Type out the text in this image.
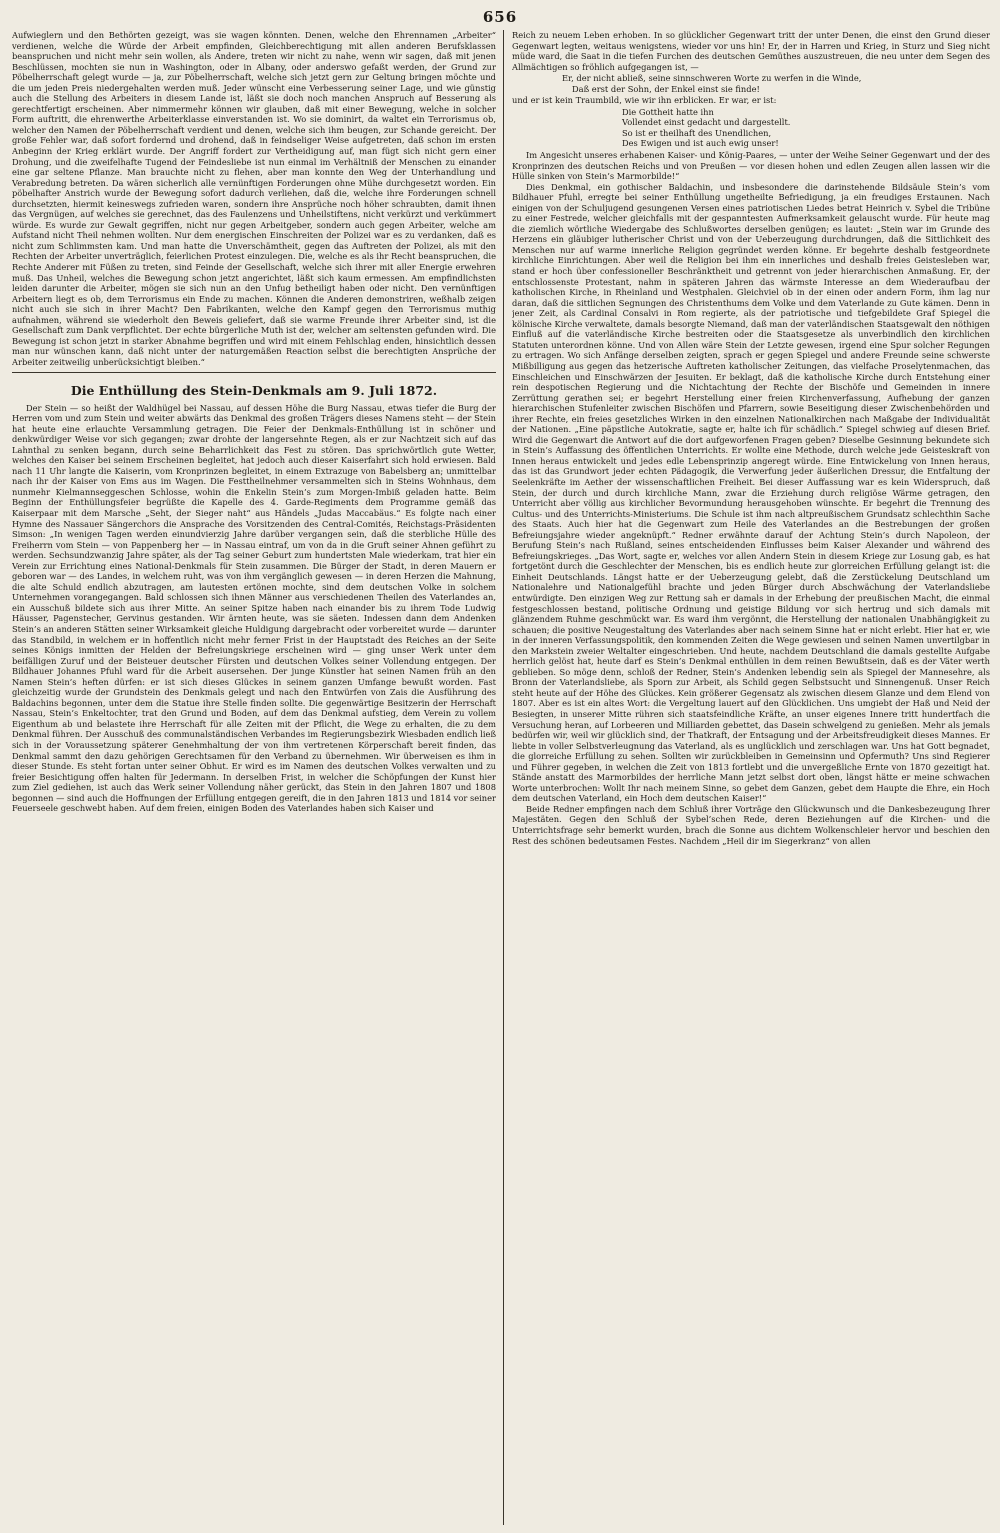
656

Aufwieglern und den Bethörten gezeigt, was sie wagen könnten. Denen, welche den Ehrennamen „Arbeiter“ verdienen, welche die Würde der Arbeit empfinden, Gleichberechtigung mit allen anderen Berufsklassen beanspruchen und nicht mehr sein wollen, als Andere, treten wir nicht zu nahe, wenn wir sagen, daß mit jenen Beschlüssen, mochten sie nun in Washington, oder in Albany, oder anderswo gefaßt werden, der Grund zur Pöbelherrschaft gelegt wurde — ja, zur Pöbelherrschaft, welche sich jetzt gern zur Geltung bringen möchte und die um jeden Preis niedergehalten werden muß. Jeder wünscht eine Verbesserung seiner Lage, und wie günstig auch die Stellung des Arbeiters in diesem Lande ist, läßt sie doch noch manchen Anspruch auf Besserung als gerechtfertigt erscheinen. Aber nimmermehr können wir glauben, daß mit einer Bewegung, welche in solcher Form auftritt, die ehrenwerthe Arbeiterklasse einverstanden ist. Wo sie dominirt, da waltet ein Terrorismus ob, welcher den Namen der Pöbelherrschaft verdient und denen, welche sich ihm beugen, zur Schande gereicht. Der große Fehler war, daß sofort fordernd und drohend, daß in feindseliger Weise aufgetreten, daß schon im ersten Anbeginn der Krieg erklärt wurde. Der Angriff fordert zur Vertheidigung auf, man fügt sich nicht gern einer Drohung, und die zweifelhafte Tugend der Feindesliebe ist nun einmal im Verhältniß der Menschen zu einander eine gar seltene Pflanze. Man brauchte nicht zu flehen, aber man konnte den Weg der Unterhandlung und Verabredung betreten. Da wären sicherlich alle vernünftigen Forderungen ohne Mühe durchgesetzt worden. Ein pöbelhafter Anstrich wurde der Bewegung sofort dadurch verliehen, daß die, welche ihre Forderungen schnell durchsetzten, hiermit keineswegs zufrieden waren, sondern ihre Ansprüche noch höher schraubten, damit ihnen das Vergnügen, auf welches sie gerechnet, das des Faulenzens und Unheilstiftens, nicht verkürzt und verkümmert würde. Es wurde zur Gewalt gegriffen, nicht nur gegen Arbeitgeber, sondern auch gegen Arbeiter, welche am Aufstand nicht Theil nehmen wollten. Nur dem energischen Einschreiten der Polizei war es zu verdanken, daß es nicht zum Schlimmsten kam. Und man hatte die Unverschämtheit, gegen das Auftreten der Polizei, als mit den Rechten der Arbeiter unverträglich, feierlichen Protest einzulegen. Die, welche es als ihr Recht beanspruchen, die Rechte Anderer mit Füßen zu treten, sind Feinde der Gesellschaft, welche sich ihrer mit aller Energie erwehren muß. Das Unheil, welches die Bewegung schon jetzt angerichtet, läßt sich kaum ermessen. Am empfindlichsten leiden darunter die Arbeiter, mögen sie sich nun an den Unfug betheiligt haben oder nicht. Den vernünftigen Arbeitern liegt es ob, dem Terrorismus ein Ende zu machen. Können die Anderen demonstriren, weßhalb zeigen nicht auch sie sich in ihrer Macht? Den Fabrikanten, welche den Kampf gegen den Terrorismus muthig aufnahmen, während sie wiederholt den Beweis geliefert, daß sie warme Freunde ihrer Arbeiter sind, ist die Gesellschaft zum Dank verpflichtet. Der echte bürgerliche Muth ist der, welcher am seltensten gefunden wird. Die Bewegung ist schon jetzt in starker Abnahme begriffen und wird mit einem Fehlschlag enden, hinsichtlich dessen man nur wünschen kann, daß nicht unter der naturgemäßen Reaction selbst die berechtigten Ansprüche der Arbeiter zeitweilig unberücksichtigt bleiben.“

Die Enthüllung des Stein-Denkmals am 9. Juli 1872.

Der Stein — so heißt der Waldhügel bei Nassau, auf dessen Höhe die Burg Nassau, etwas tiefer die Burg der Herren vom und zum Stein und weiter abwärts das Denkmal des großen Trägers dieses Namens steht — der Stein hat heute eine erlauchte Versammlung getragen. Die Feier der Denkmals-Enthüllung ist in schöner und denkwürdiger Weise vor sich gegangen; zwar drohte der langersehnte Regen, als er zur Nachtzeit sich auf das Lahnthal zu senken begann, durch seine Beharrlichkeit das Fest zu stören. Das sprichwörtlich gute Wetter, welches den Kaiser bei seinem Erscheinen begleitet, hat jedoch auch dieser Kaiserfahrt sich hold erwiesen. Bald nach 11 Uhr langte die Kaiserin, vom Kronprinzen begleitet, in einem Extrazuge von Babelsberg an; unmittelbar nach ihr der Kaiser von Ems aus im Wagen. Die Festtheilnehmer versammelten sich in Steins Wohnhaus, dem nunmehr Kielmannseggeschen Schlosse, wohin die Enkelin Stein’s zum Morgen-Imbiß geladen hatte. Beim Beginn der Enthüllungsfeier begrüßte die Kapelle des 4. Garde-Regiments dem Programme gemäß das Kaiserpaar mit dem Marsche „Seht, der Sieger naht“ aus Händels „Judas Maccabäus.“ Es folgte nach einer Hymne des Nassauer Sängerchors die Ansprache des Vorsitzenden des Central-Comités, Reichstags-Präsidenten Simson: „In wenigen Tagen werden einundvierzig Jahre darüber vergangen sein, daß die sterbliche Hülle des Freiherrn vom Stein — von Pappenberg her — in Nassau eintraf, um von da in die Gruft seiner Ahnen geführt zu werden. Sechsundzwanzig Jahre später, als der Tag seiner Geburt zum hundertsten Male wiederkam, trat hier ein Verein zur Errichtung eines National-Denkmals für Stein zusammen. Die Bürger der Stadt, in deren Mauern er geboren war — des Landes, in welchem ruht, was von ihm vergänglich gewesen — in deren Herzen die Mahnung, die alte Schuld endlich abzutragen, am lautesten ertönen mochte, sind dem deutschen Volke in solchem Unternehmen vorangegangen. Bald schlossen sich ihnen Männer aus verschiedenen Theilen des Vaterlandes an, ein Ausschuß bildete sich aus ihrer Mitte. An seiner Spitze haben nach einander bis zu ihrem Tode Ludwig Häusser, Pagenstecher, Gervinus gestanden. Wir ärnten heute, was sie säeten. Indessen dann dem Andenken Stein’s an anderen Stätten seiner Wirksamkeit gleiche Huldigung dargebracht oder vorbereitet wurde — darunter das Standbild, in welchem er in hoffentlich nicht mehr ferner Frist in der Hauptstadt des Reiches an der Seite seines Königs inmitten der Helden der Befreiungskriege erscheinen wird — ging unser Werk unter dem beifälligen Zuruf und der Beisteuer deutscher Fürsten und deutschen Volkes seiner Vollendung entgegen. Der Bildhauer Johannes Pfuhl ward für die Arbeit ausersehen. Der junge Künstler hat seinen Namen früh an den Namen Stein’s heften dürfen: er ist sich dieses Glückes in seinem ganzen Umfange bewußt worden. Fast gleichzeitig wurde der Grundstein des Denkmals gelegt und nach den Entwürfen von Zais die Ausführung des Baldachins begonnen, unter dem die Statue ihre Stelle finden sollte. Die gegenwärtige Besitzerin der Herrschaft Nassau, Stein’s Enkeltochter, trat den Grund und Boden, auf dem das Denkmal aufstieg, dem Verein zu vollem Eigenthum ab und belastete ihre Herrschaft für alle Zeiten mit der Pflicht, die Wege zu erhalten, die zu dem Denkmal führen. Der Ausschuß des communalständischen Verbandes im Regierungsbezirk Wiesbaden endlich ließ sich in der Voraussetzung späterer Genehmhaltung der von ihm vertretenen Körperschaft bereit finden, das Denkmal sammt den dazu gehörigen Gerechtsamen für den Verband zu übernehmen. Wir überweisen es ihm in dieser Stunde. Es steht fortan unter seiner Obhut. Er wird es im Namen des deutschen Volkes verwalten und zu freier Besichtigung offen halten für Jedermann. In derselben Frist, in welcher die Schöpfungen der Kunst hier zum Ziel gediehen, ist auch das Werk seiner Vollendung näher gerückt, das Stein in den Jahren 1807 und 1808 begonnen — sind auch die Hoffnungen der Erfüllung entgegen gereift, die in den Jahren 1813 und 1814 vor seiner Feuerseele geschwebt haben. Auf dem freien, einigen Boden des Vaterlandes haben sich Kaiser und

Reich zu neuem Leben erhoben. In so glücklicher Gegenwart tritt der unter Denen, die einst den Grund dieser Gegenwart legten, weitaus wenigstens, wieder vor uns hin! Er, der in Harren und Krieg, in Sturz und Sieg nicht müde ward, die Saat in die tiefen Furchen des deutschen Gemüthes auszustreuen, die neu unter dem Segen des Allmächtigen so fröhlich aufgegangen ist, —

Er, der nicht abließ, seine sinnschweren Worte zu werfen in die Winde,
Daß erst der Sohn, der Enkel einst sie finde!

und er ist kein Traumbild, wie wir ihn erblicken. Er war, er ist:

Die Gottheit hatte ihn
Vollendet einst gedacht und dargestellt.
So ist er theilhaft des Unendlichen,
Des Ewigen und ist auch ewig unser!

Im Angesicht unseres erhabenen Kaiser- und König-Paares, — unter der Weihe Seiner Gegenwart und der des Kronprinzen des deutschen Reichs und von Preußen — vor diesen hohen und edlen Zeugen allen lassen wir die Hülle sinken von Stein’s Marmorbilde!“

Dies Denkmal, ein gothischer Baldachin, und insbesondere die darinstehende Bildsäule Stein’s vom Bildhauer Pfuhl, erregte bei seiner Enthüllung ungetheilte Befriedigung, ja ein freudiges Erstaunen. Nach einigen von der Schuljugend gesungenen Versen eines patriotischen Liedes betrat Heinrich v. Sybel die Tribüne zu einer Festrede, welcher gleichfalls mit der gespanntesten Aufmerksamkeit gelauscht wurde. Für heute mag die ziemlich wörtliche Wiedergabe des Schlußwortes derselben genügen; es lautet: „Stein war im Grunde des Herzens ein gläubiger lutherischer Christ und von der Ueberzeugung durchdrungen, daß die Sittlichkeit des Menschen nur auf warme innerliche Religion gegründet werden könne. Er begehrte deshalb festgeordnete kirchliche Einrichtungen. Aber weil die Religion bei ihm ein innerliches und deshalb freies Geistesleben war, stand er hoch über confessioneller Beschränktheit und getrennt von jeder hierarchischen Anmaßung. Er, der entschlossenste Protestant, nahm in späteren Jahren das wärmste Interesse an dem Wiederaufbau der katholischen Kirche, in Rheinland und Westphalen. Gleichviel ob in der einen oder andern Form, ihm lag nur daran, daß die sittlichen Segnungen des Christenthums dem Volke und dem Vaterlande zu Gute kämen. Denn in jener Zeit, als Cardinal Consalvi in Rom regierte, als der patriotische und tiefgebildete Graf Spiegel die kölnische Kirche verwaltete, damals besorgte Niemand, daß man der vaterländischen Staatsgewalt den nöthigen Einfluß auf die vaterländische Kirche bestreiten oder die Staatsgesetze als unverbindlich den kirchlichen Statuten unterordnen könne. Und von Allen wäre Stein der Letzte gewesen, irgend eine Spur solcher Regungen zu ertragen. Wo sich Anfänge derselben zeigten, sprach er gegen Spiegel und andere Freunde seine schwerste Mißbilligung aus gegen das hetzerische Auftreten katholischer Zeitungen, das vielfache Proselytenmachen, das Einschleichen und Einschwärzen der Jesuiten. Er beklagt, daß die katholische Kirche durch Entstehung einer rein despotischen Regierung und die Nichtachtung der Rechte der Bischöfe und Gemeinden in innere Zerrüttung gerathen sei; er begehrt Herstellung einer freien Kirchenverfassung, Aufhebung der ganzen hierarchischen Stufenleiter zwischen Bischöfen und Pfarrern, sowie Beseitigung dieser Zwischenbehörden und ihrer Rechte, ein freies gesetzliches Wirken in den einzelnen Nationalkirchen nach Maßgabe der Individualität der Nationen. „Eine päpstliche Autokratie, sagte er, halte ich für schädlich.“ Spiegel schwieg auf diesen Brief. Wird die Gegenwart die Antwort auf die dort aufgeworfenen Fragen geben? Dieselbe Gesinnung bekundete sich in Stein’s Auffassung des öffentlichen Unterrichts. Er wollte eine Methode, durch welche jede Geisteskraft von Innen heraus entwickelt und jedes edle Lebensprinzip angeregt würde. Eine Entwickelung von Innen heraus, das ist das Grundwort jeder echten Pädagogik, die Verwerfung jeder äußerlichen Dressur, die Entfaltung der Seelenkräfte im Aether der wissenschaftlichen Freiheit. Bei dieser Auffassung war es kein Widerspruch, daß Stein, der durch und durch kirchliche Mann, zwar die Erziehung durch religiöse Wärme getragen, den Unterricht aber völlig aus kirchlicher Bevormundung herausgehoben wünschte. Er begehrt die Trennung des Cultus- und des Unterrichts-Ministeriums. Die Schule ist ihm nach altpreußischem Grundsatz schlechthin Sache des Staats. Auch hier hat die Gegenwart zum Heile des Vaterlandes an die Bestrebungen der großen Befreiungsjahre wieder angeknüpft.“ Redner erwähnte darauf der Achtung Stein’s durch Napoleon, der Berufung Stein’s nach Rußland, seines entscheidenden Einflusses beim Kaiser Alexander und während des Befreiungskrieges. „Das Wort, sagte er, welches vor allen Andern Stein in diesem Kriege zur Losung gab, es hat fortgetönt durch die Geschlechter der Menschen, bis es endlich heute zur glorreichen Erfüllung gelangt ist: die Einheit Deutschlands. Längst hatte er der Ueberzeugung gelebt, daß die Zerstückelung Deutschland um Nationalehre und Nationalgefühl brachte und jeden Bürger durch Abschwächung der Vaterlandsliebe entwürdigte. Den einzigen Weg zur Rettung sah er damals in der Erhebung der preußischen Macht, die einmal festgeschlossen bestand, politische Ordnung und geistige Bildung vor sich hertrug und sich damals mit glänzendem Ruhme geschmückt war. Es ward ihm vergönnt, die Herstellung der nationalen Unabhängigkeit zu schauen; die positive Neugestaltung des Vaterlandes aber nach seinem Sinne hat er nicht erlebt. Hier hat er, wie in der inneren Verfassungspolitik, den kommenden Zeiten die Wege gewiesen und seinen Namen unvertilgbar in den Markstein zweier Weltalter eingeschrieben. Und heute, nachdem Deutschland die damals gestellte Aufgabe herrlich gelöst hat, heute darf es Stein’s Denkmal enthüllen in dem reinen Bewußtsein, daß es der Väter werth geblieben. So möge denn, schloß der Redner, Stein’s Andenken lebendig sein als Spiegel der Mannesehre, als Bronn der Vaterlandsliebe, als Sporn zur Arbeit, als Schild gegen Selbstsucht und Sinnengenuß. Unser Reich steht heute auf der Höhe des Glückes. Kein größerer Gegensatz als zwischen diesem Glanze und dem Elend von 1807. Aber es ist ein altes Wort: die Vergeltung lauert auf den Glücklichen. Uns umgiebt der Haß und Neid der Besiegten, in unserer Mitte rühren sich staatsfeindliche Kräfte, an unser eigenes Innere tritt hundertfach die Versuchung heran, auf Lorbeeren und Milliarden gebettet, das Dasein schwelgend zu genießen. Mehr als jemals bedürfen wir, weil wir glücklich sind, der Thatkraft, der Entsagung und der Arbeitsfreudigkeit dieses Mannes. Er liebte in voller Selbstverleugnung das Vaterland, als es unglücklich und zerschlagen war. Uns hat Gott begnadet, die glorreiche Erfüllung zu sehen. Sollten wir zurückbleiben in Gemeinsinn und Opfermuth? Uns sind Regierer und Führer gegeben, in welchen die Zeit von 1813 fortlebt und die unvergeßliche Ernte von 1870 gezeitigt hat. Stände anstatt des Marmorbildes der herrliche Mann jetzt selbst dort oben, längst hätte er meine schwachen Worte unterbrochen: Wollt Ihr nach meinem Sinne, so gebet dem Ganzen, gebet dem Haupte die Ehre, ein Hoch dem deutschen Vaterland, ein Hoch dem deutschen Kaiser!“

Beide Redner empfingen nach dem Schluß ihrer Vorträge den Glückwunsch und die Dankesbezeugung Ihrer Majestäten. Gegen den Schluß der Sybel’schen Rede, deren Beziehungen auf die Kirchen- und die Unterrichtsfrage sehr bemerkt wurden, brach die Sonne aus dichtem Wolkenschleier hervor und beschien den Rest des schönen bedeutsamen Festes. Nachdem „Heil dir im Siegerkranz“ von allen
